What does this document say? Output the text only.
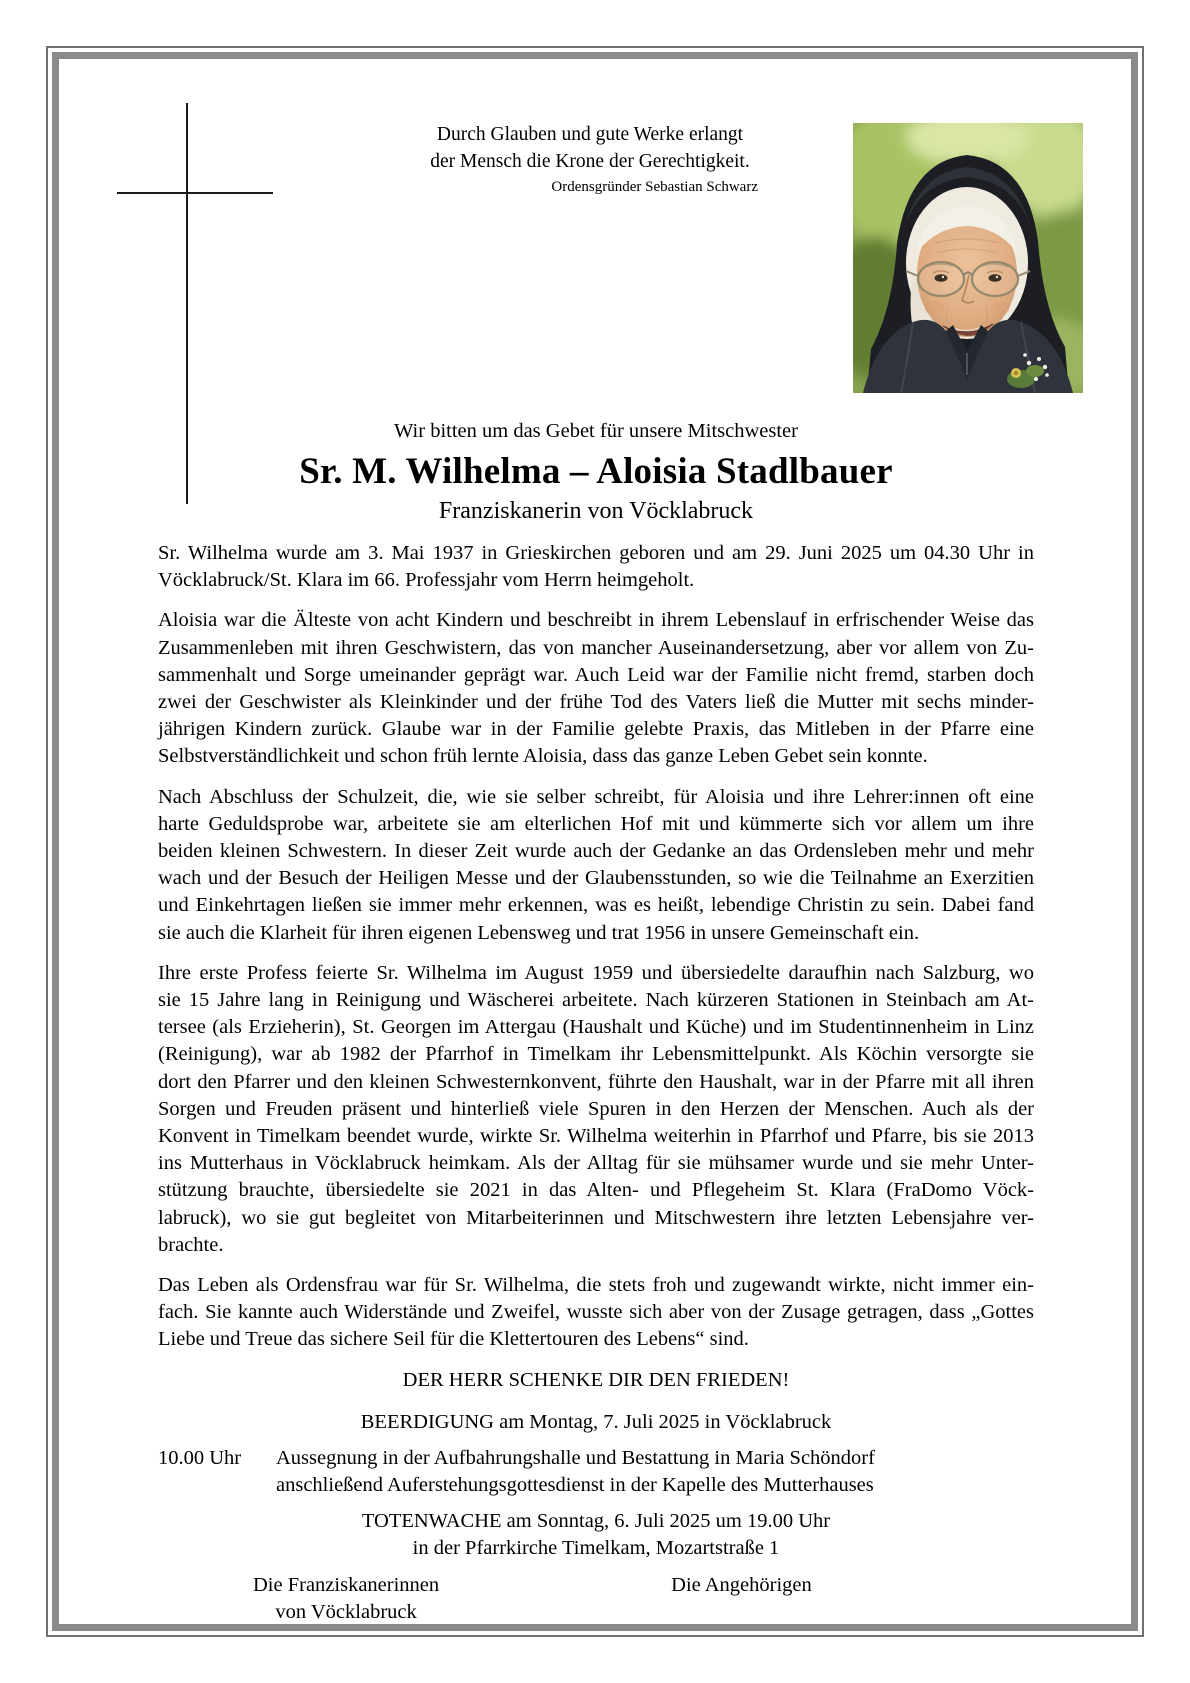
Durch Glauben und gute Werke erlangt
der Mensch die Krone der Gerechtigkeit.
Ordensgründer Sebastian Schwarz
Wir bitten um das Gebet für unsere Mitschwester
Sr. M. Wilhelma – Aloisia Stadlbauer
Franziskanerin von Vöcklabruck
Sr. Wilhelma wurde am 3. Mai 1937 in Grieskirchen geboren und am 29. Juni 2025 um 04.30 Uhr in
Vöcklabruck/St. Klara im 66. Professjahr vom Herrn heimgeholt.
Aloisia war die Älteste von acht Kindern und beschreibt in ihrem Lebenslauf in erfrischender Weise das
Zusammenleben mit ihren Geschwistern, das von mancher Auseinandersetzung, aber vor allem von Zu-
sammenhalt und Sorge umeinander geprägt war. Auch Leid war der Familie nicht fremd, starben doch
zwei der Geschwister als Kleinkinder und der frühe Tod des Vaters ließ die Mutter mit sechs minder-
jährigen Kindern zurück. Glaube war in der Familie gelebte Praxis, das Mitleben in der Pfarre eine
Selbstverständlichkeit und schon früh lernte Aloisia, dass das ganze Leben Gebet sein konnte.
Nach Abschluss der Schulzeit, die, wie sie selber schreibt, für Aloisia und ihre Lehrer:innen oft eine
harte Geduldsprobe war, arbeitete sie am elterlichen Hof mit und kümmerte sich vor allem um ihre
beiden kleinen Schwestern. In dieser Zeit wurde auch der Gedanke an das Ordensleben mehr und mehr
wach und der Besuch der Heiligen Messe und der Glaubensstunden, so wie die Teilnahme an Exerzitien
und Einkehrtagen ließen sie immer mehr erkennen, was es heißt, lebendige Christin zu sein. Dabei fand
sie auch die Klarheit für ihren eigenen Lebensweg und trat 1956 in unsere Gemeinschaft ein.
Ihre erste Profess feierte Sr. Wilhelma im August 1959 und übersiedelte daraufhin nach Salzburg, wo
sie 15 Jahre lang in Reinigung und Wäscherei arbeitete. Nach kürzeren Stationen in Steinbach am At-
tersee (als Erzieherin), St. Georgen im Attergau (Haushalt und Küche) und im Studentinnenheim in Linz
(Reinigung), war ab 1982 der Pfarrhof in Timelkam ihr Lebensmittelpunkt. Als Köchin versorgte sie
dort den Pfarrer und den kleinen Schwesternkonvent, führte den Haushalt, war in der Pfarre mit all ihren
Sorgen und Freuden präsent und hinterließ viele Spuren in den Herzen der Menschen. Auch als der
Konvent in Timelkam beendet wurde, wirkte Sr. Wilhelma weiterhin in Pfarrhof und Pfarre, bis sie 2013
ins Mutterhaus in Vöcklabruck heimkam. Als der Alltag für sie mühsamer wurde und sie mehr Unter-
stützung brauchte, übersiedelte sie 2021 in das Alten- und Pflegeheim St. Klara (FraDomo Vöck-
labruck), wo sie gut begleitet von Mitarbeiterinnen und Mitschwestern ihre letzten Lebensjahre ver-
brachte.
Das Leben als Ordensfrau war für Sr. Wilhelma, die stets froh und zugewandt wirkte, nicht immer ein-
fach. Sie kannte auch Widerstände und Zweifel, wusste sich aber von der Zusage getragen, dass „Gottes
Liebe und Treue das sichere Seil für die Klettertouren des Lebens“ sind.
DER HERR SCHENKE DIR DEN FRIEDEN!
BEERDIGUNG am Montag, 7. Juli 2025 in Vöcklabruck
10.00 Uhr	Aussegnung in der Aufbahrungshalle und Bestattung in Maria Schöndorf
anschließend Auferstehungsgottesdienst in der Kapelle des Mutterhauses
TOTENWACHE am Sonntag, 6. Juli 2025 um 19.00 Uhr
in der Pfarrkirche Timelkam, Mozartstraße 1
Die Franziskanerinnen
von Vöcklabruck
Die Angehörigen
